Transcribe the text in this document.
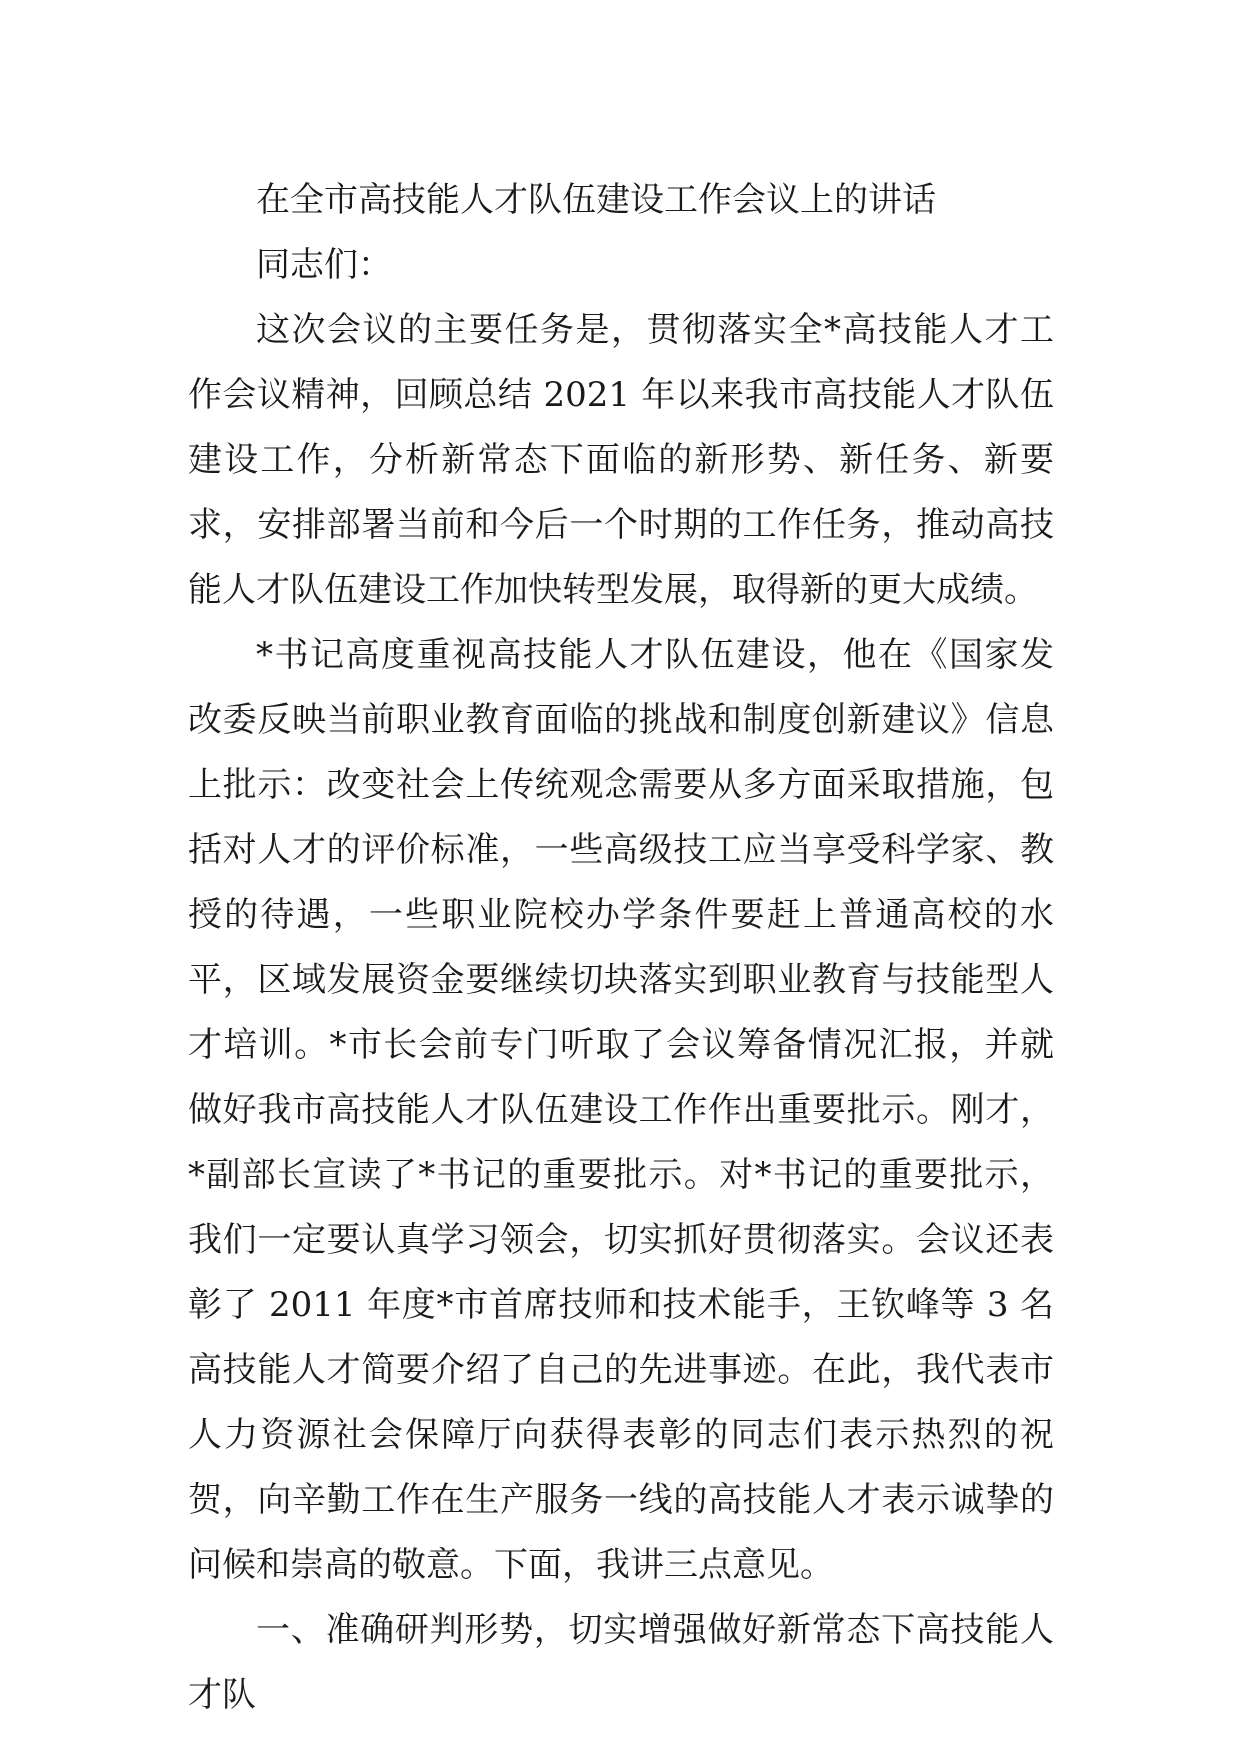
在全市高技能人才队伍建设工作会议上的讲话

同志们：

这次会议的主要任务是，贯彻落实全*高技能人才工作会议精神，回顾总结 2021 年以来我市高技能人才队伍建设工作，分析新常态下面临的新形势、新任务、新要求，安排部署当前和今后一个时期的工作任务，推动高技能人才队伍建设工作加快转型发展，取得新的更大成绩。

*书记高度重视高技能人才队伍建设，他在《国家发改委反映当前职业教育面临的挑战和制度创新建议》信息上批示：改变社会上传统观念需要从多方面采取措施，包括对人才的评价标准，一些高级技工应当享受科学家、教授的待遇，一些职业院校办学条件要赶上普通高校的水平，区域发展资金要继续切块落实到职业教育与技能型人才培训。*市长会前专门听取了会议筹备情况汇报，并就做好我市高技能人才队伍建设工作作出重要批示。刚才，*副部长宣读了*书记的重要批示。对*书记的重要批示，我们一定要认真学习领会，切实抓好贯彻落实。会议还表彰了 2011 年度*市首席技师和技术能手，王钦峰等 3 名高技能人才简要介绍了自己的先进事迹。在此，我代表市人力资源社会保障厅向获得表彰的同志们表示热烈的祝贺，向辛勤工作在生产服务一线的高技能人才表示诚挚的问候和崇高的敬意。下面，我讲三点意见。

一、准确研判形势，切实增强做好新常态下高技能人才队
